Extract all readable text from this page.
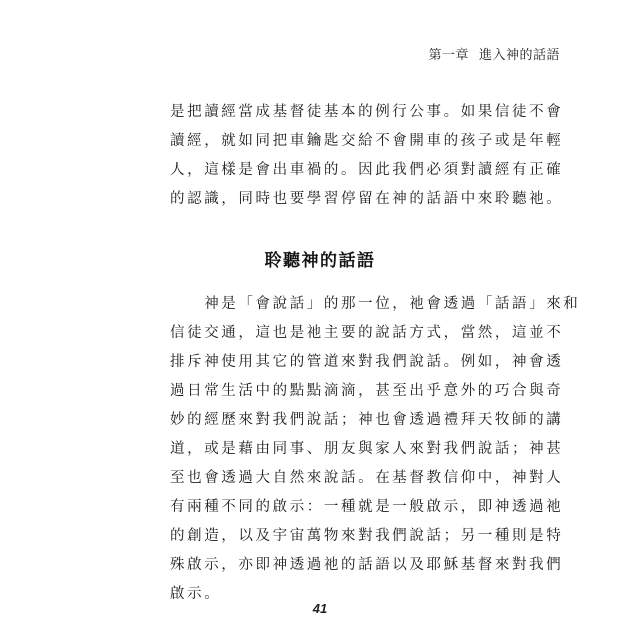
第一章 進入神的話語
是把讀經當成基督徒基本的例行公事。如果信徒不會
讀經，就如同把車鑰匙交給不會開車的孩子或是年輕
人，這樣是會出車禍的。因此我們必須對讀經有正確
的認識，同時也要學習停留在神的話語中來聆聽祂。
聆聽神的話語
　　神是「會說話」的那一位，祂會透過「話語」來和
信徒交通，這也是祂主要的說話方式，當然，這並不
排斥神使用其它的管道來對我們說話。例如，神會透
過日常生活中的點點滴滴，甚至出乎意外的巧合與奇
妙的經歷來對我們說話；神也會透過禮拜天牧師的講
道，或是藉由同事、朋友與家人來對我們說話；神甚
至也會透過大自然來說話。在基督教信仰中，神對人
有兩種不同的啟示：一種就是一般啟示，即神透過祂
的創造，以及宇宙萬物來對我們說話；另一種則是特
殊啟示，亦即神透過祂的話語以及耶穌基督來對我們
啟示。
41
